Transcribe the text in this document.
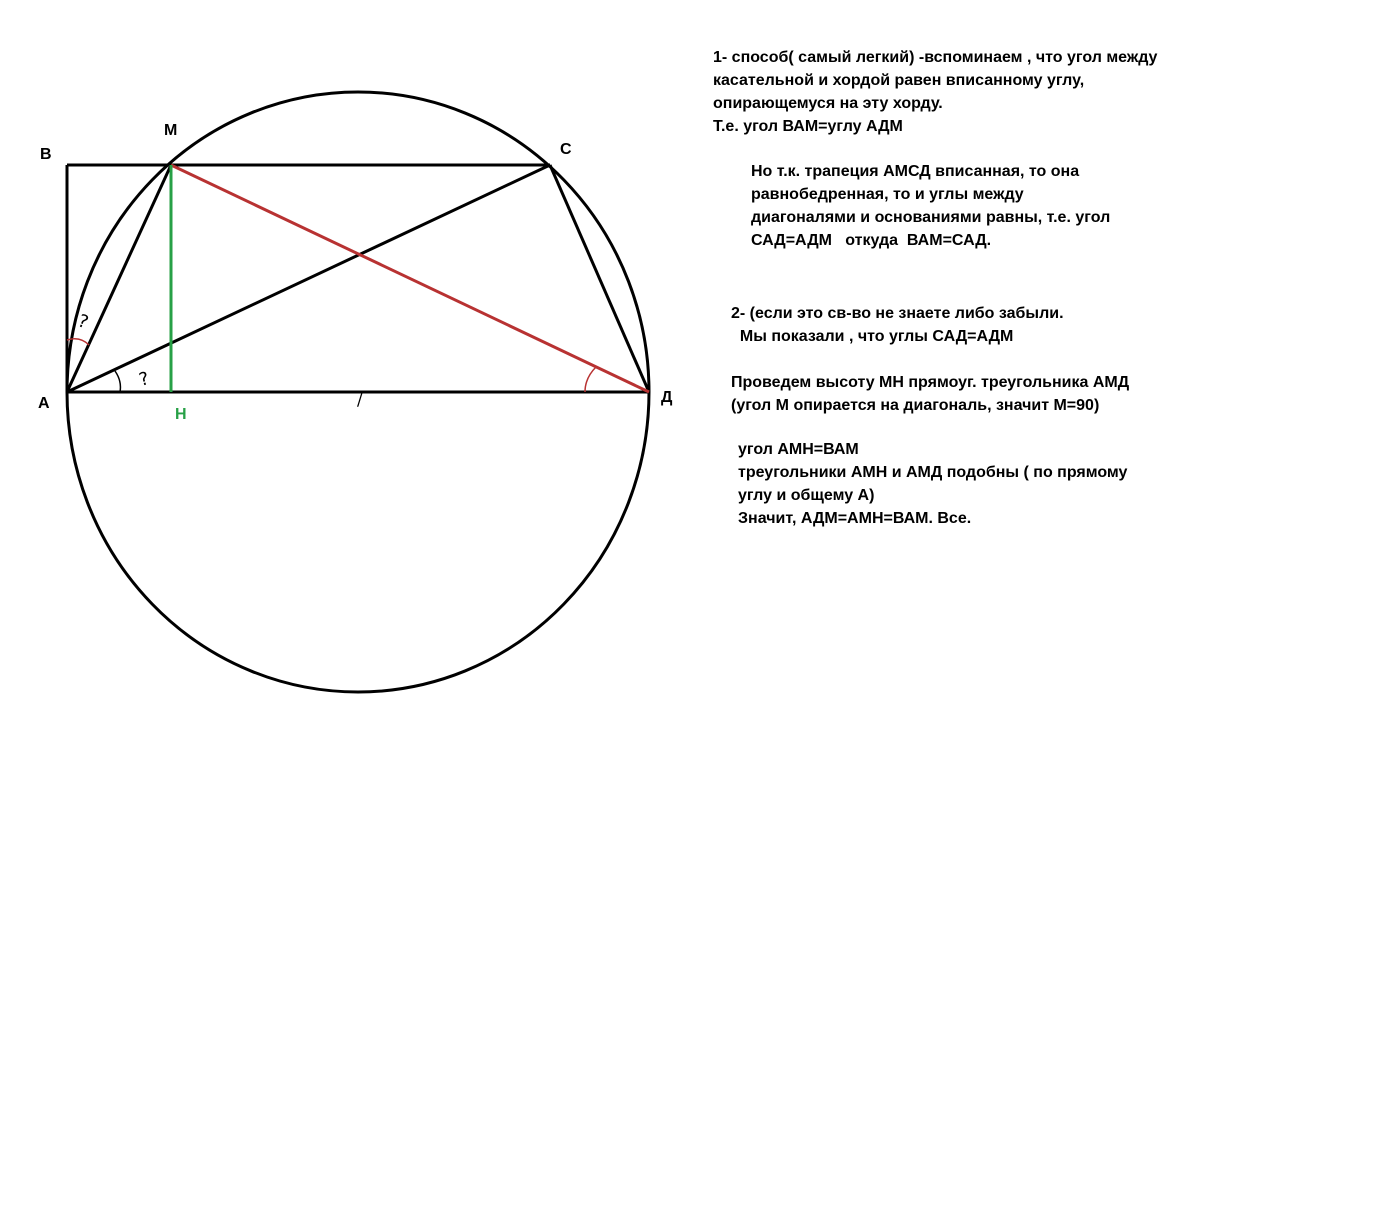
?
?
/
В
М
С
А
Н
Д
1- способ( самый легкий) -вспоминаем , что угол между
касательной и хордой равен вписанному углу,
опирающемуся на эту хорду.
Т.е. угол ВАМ=углу АДМ
Но т.к. трапеция АМСД вписанная, то она
равнобедренная, то и углы между
диагоналями и основаниями равны, т.е. угол
САД=АДМ   откуда  ВАМ=САД.
2- (если это св-во не знаете либо забыли.
Мы показали , что углы САД=АДМ
Проведем высоту МН прямоуг. треугольника АМД
(угол М опирается на диагональ, значит М=90)
угол АМН=ВАМ
треугольники АМН и АМД подобны ( по прямому
углу и общему А)
Значит, АДМ=АМН=ВАМ. Все.
